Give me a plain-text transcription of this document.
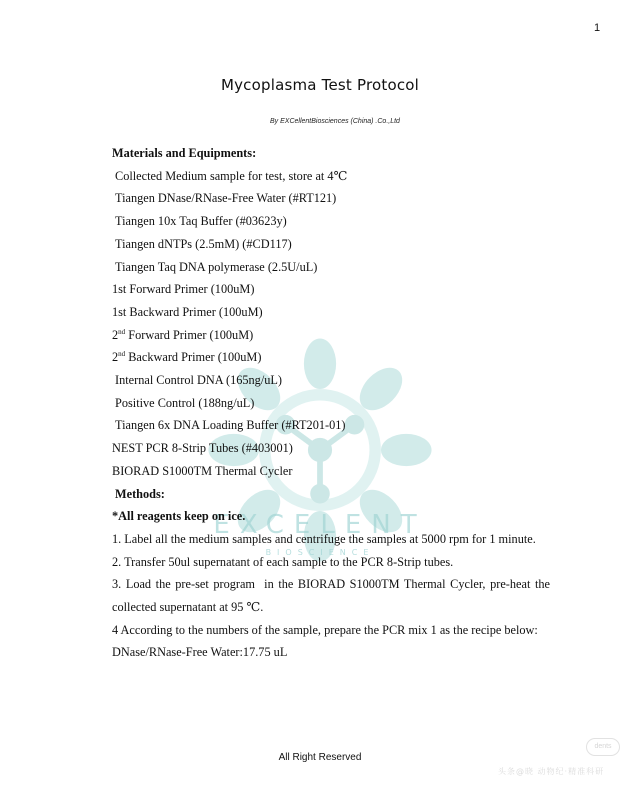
1
Mycoplasma Test Protocol
By EXCellentBiosciences (China) .Co.,Ltd
EXCELENT
BIOSCIENCE
Materials and Equipments:
Collected Medium sample for test, store at 4℃
Tiangen DNase/RNase-Free Water (#RT121)
Tiangen 10x Taq Buffer (#03623y)
Tiangen dNTPs (2.5mM) (#CD117)
Tiangen Taq DNA polymerase (2.5U/uL)
1st Forward Primer (100uM)
1st Backward Primer (100uM)
2nd Forward Primer (100uM)
2nd Backward Primer (100uM)
Internal Control DNA (165ng/uL)
Positive Control (188ng/uL)
Tiangen 6x DNA Loading Buffer (#RT201-01)
NEST PCR 8-Strip Tubes (#403001)
BIORAD S1000TM Thermal Cycler
Methods:
*All reagents keep on ice.
1. Label all the medium samples and centrifuge the samples at 5000 rpm for 1 minute.
2. Transfer 50ul supernatant of each sample to the PCR 8-Strip tubes.
3. Load the pre-set program  in the BIORAD S1000TM Thermal Cycler, pre-heat the      collected supernatant at 95 ℃.
4 According to the numbers of the sample, prepare the PCR mix 1 as the recipe below:
DNase/RNase-Free Water:17.75 uL
All Right Reserved
dents
头条@晓 动物纪·精准科研
